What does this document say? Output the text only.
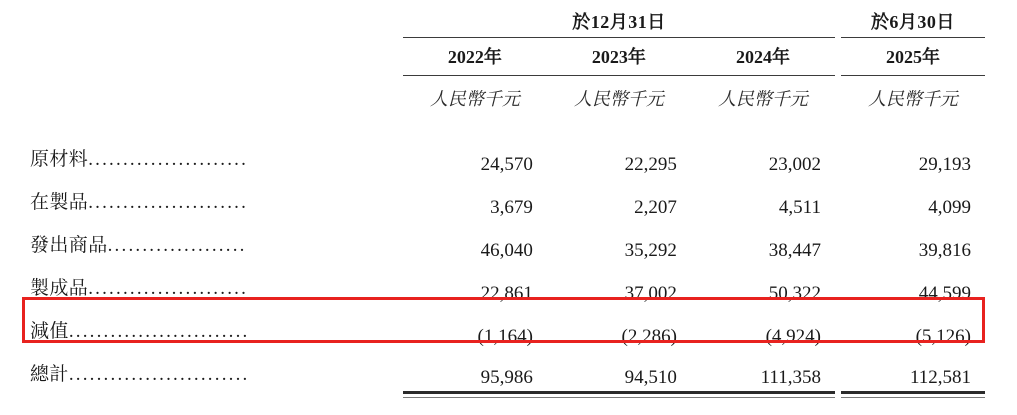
	於12月31日				於6月30日
	2022年	2023年	2024年		2025年
	人民幣千元	人民幣千元	人民幣千元		人民幣千元

原材料.......................	24,570	22,295	23,002		29,193
在製品.......................	3,679	2,207	4,511		4,099
發出商品....................	46,040	35,292	38,447		39,816
製成品.......................	22,861	37,002	50,322		44,599
減值..........................	(1,164)	(2,286)	(4,924)		(5,126)
總計..........................	95,986	94,510	111,358		112,581
